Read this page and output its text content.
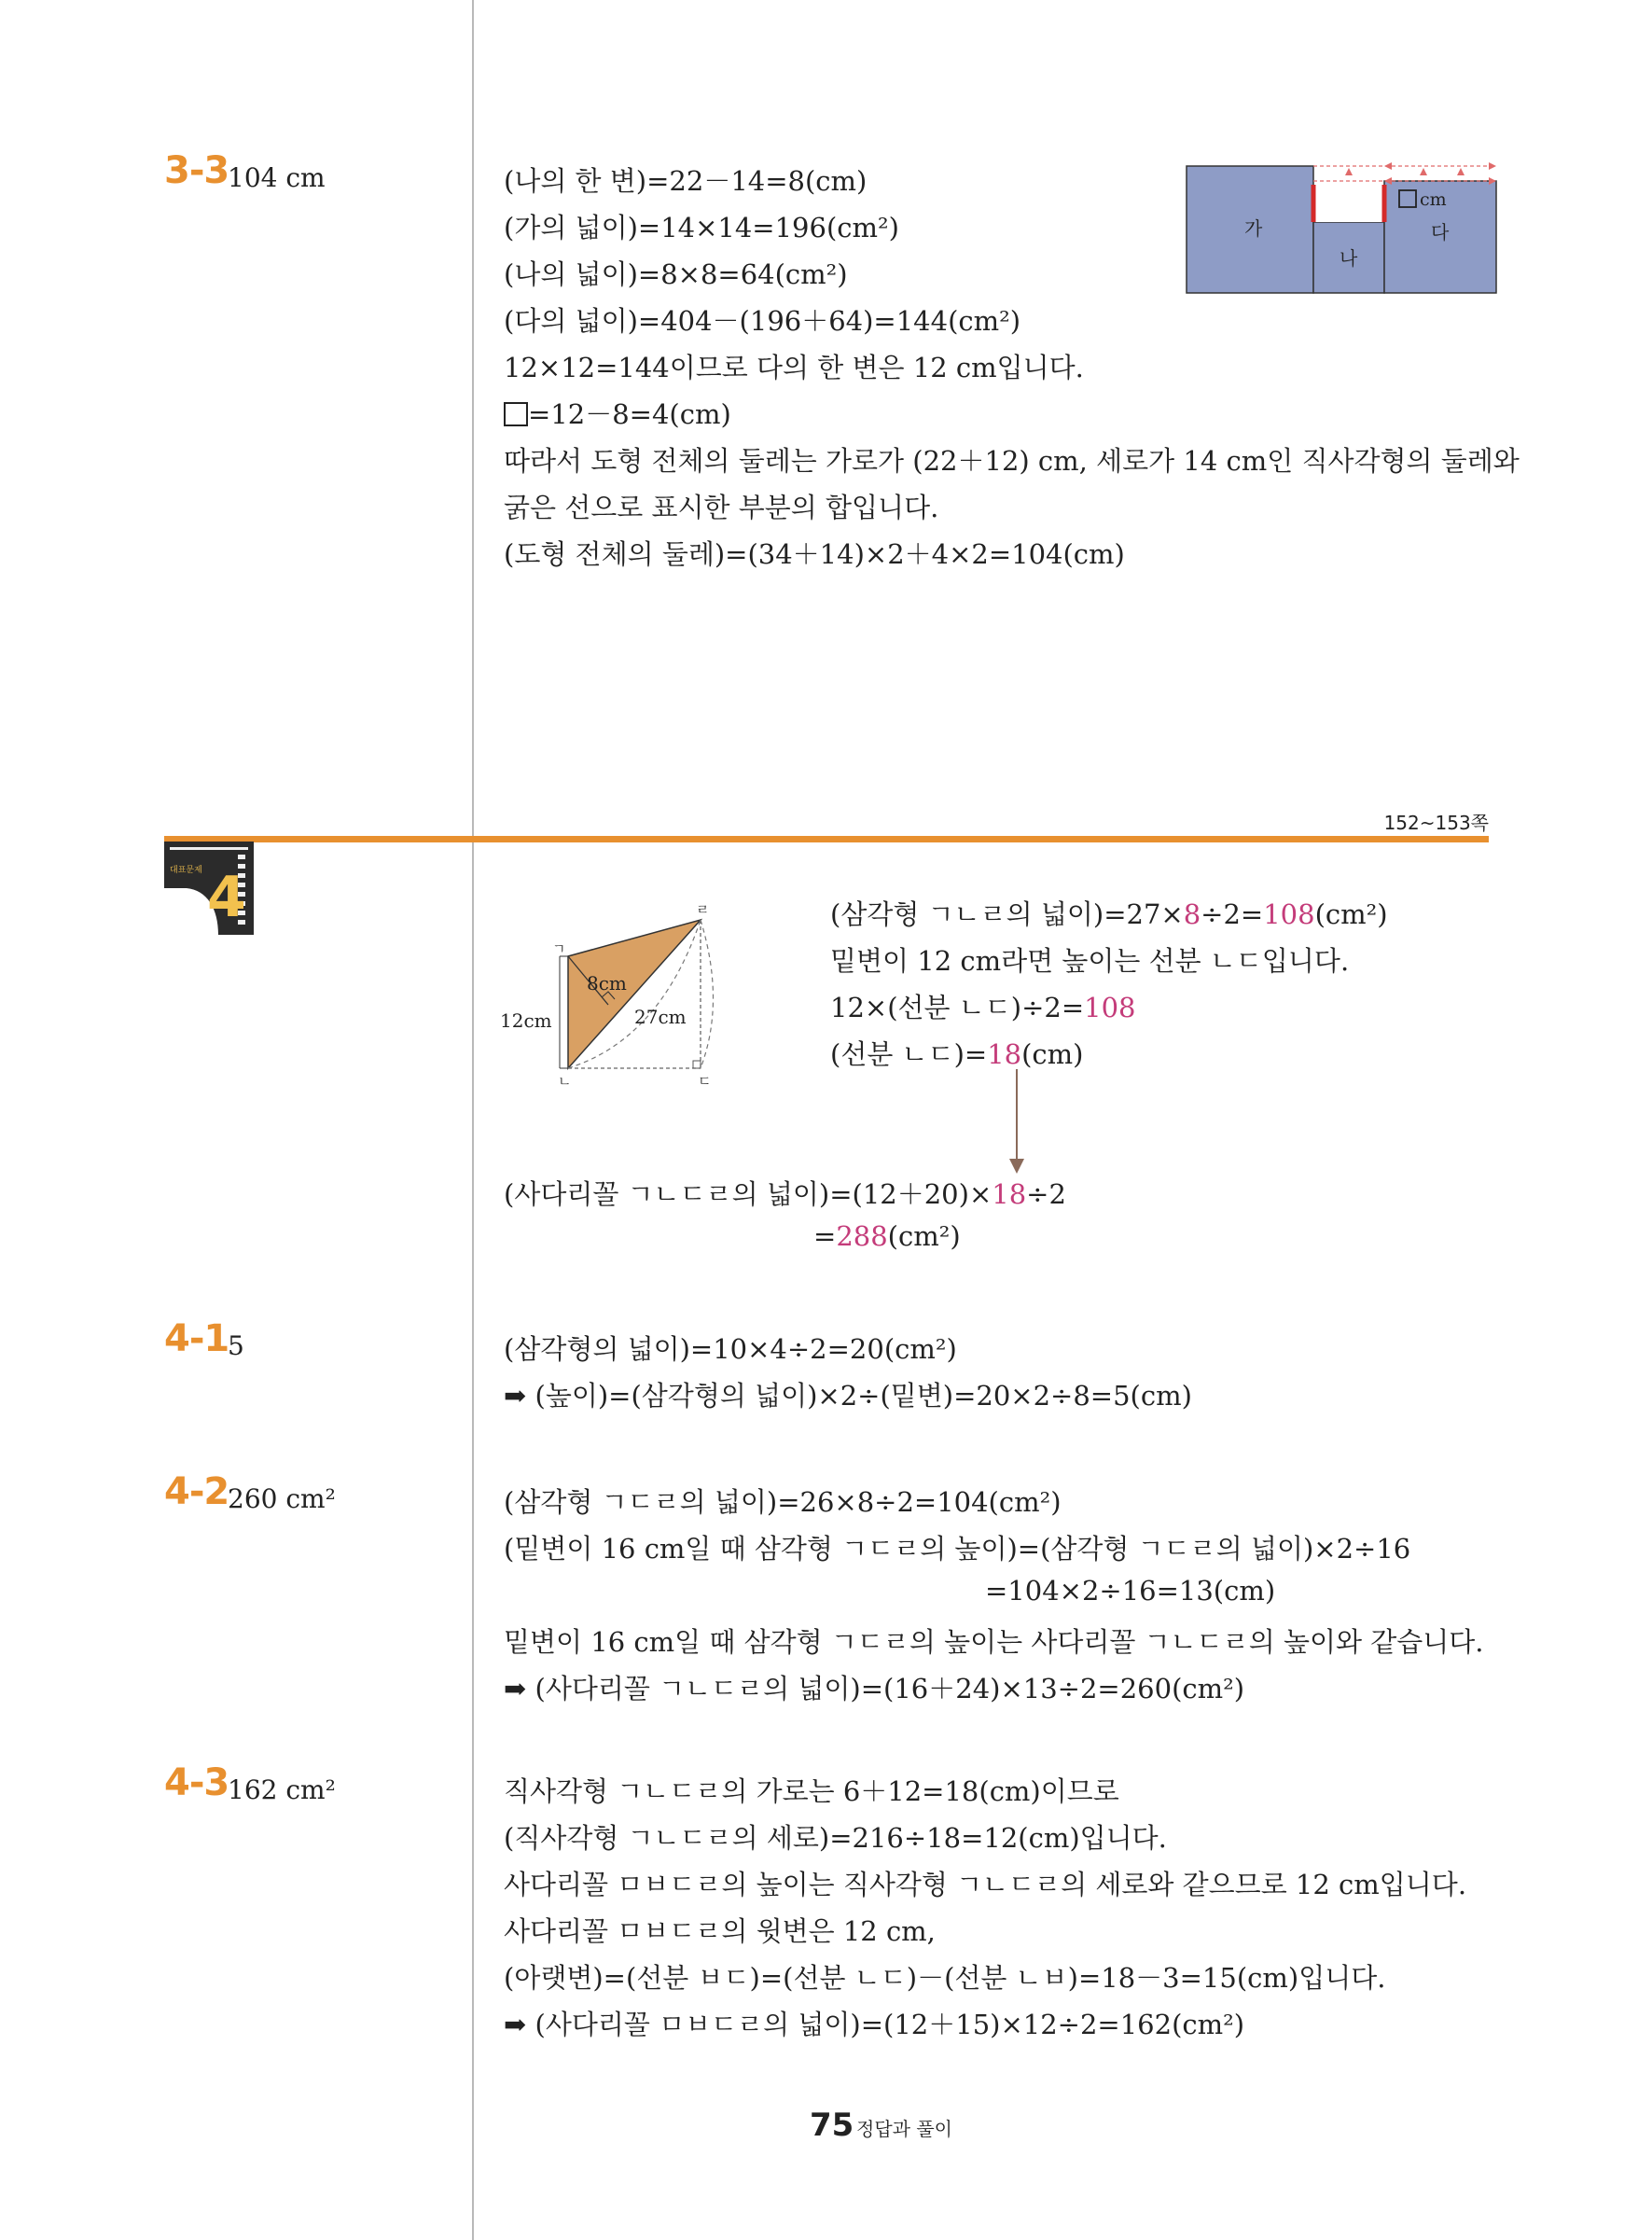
152~153쪽
3-3
104 cm	(나의 한 변)=22－14=8(cm)
(가의 넓이)=14×14=196(cm²)
(나의 넓이)=8×8=64(cm²)
(다의 넓이)=404－(196＋64)=144(cm²)
12×12=144이므로 다의 한 변은 12 cm입니다.
=12－8=4(cm)
따라서 도형 전체의 둘레는 가로가 (22＋12) cm, 세로가 14 cm인 직사각형의 둘레와
굵은 선으로 표시한 부분의 합입니다.
(도형 전체의 둘레)=(34＋14)×2＋4×2=104(cm)
cm
가
나
다
대표문제 4
ㄱ
ㄴ	ㄷ
ㄹ
8cm
27cm
12cm
(삼각형 ㄱㄴㄹ의 넓이)=27×8÷2=108(cm²)
밑변이 12 cm라면 높이는 선분 ㄴㄷ입니다.
12×(선분 ㄴㄷ)÷2=108
(선분 ㄴㄷ)=18(cm)
(사다리꼴 ㄱㄴㄷㄹ의 넓이)=(12＋20)×18÷2
=288(cm²)
4-1
5	(삼각형의 넓이)=10×4÷2=20(cm²)
➡ (높이)=(삼각형의 넓이)×2÷(밑변)=20×2÷8=5(cm)
4-2
260 cm²	(삼각형 ㄱㄷㄹ의 넓이)=26×8÷2=104(cm²)
(밑변이 16 cm일 때 삼각형 ㄱㄷㄹ의 높이)=(삼각형 ㄱㄷㄹ의 넓이)×2÷16
=104×2÷16=13(cm)
밑변이 16 cm일 때 삼각형 ㄱㄷㄹ의 높이는 사다리꼴 ㄱㄴㄷㄹ의 높이와 같습니다.
➡ (사다리꼴 ㄱㄴㄷㄹ의 넓이)=(16＋24)×13÷2=260(cm²)
4-3
162 cm²	직사각형 ㄱㄴㄷㄹ의 가로는 6＋12=18(cm)이므로
(직사각형 ㄱㄴㄷㄹ의 세로)=216÷18=12(cm)입니다.
사다리꼴 ㅁㅂㄷㄹ의 높이는 직사각형 ㄱㄴㄷㄹ의 세로와 같으므로 12 cm입니다.
사다리꼴 ㅁㅂㄷㄹ의 윗변은 12 cm,
(아랫변)=(선분 ㅂㄷ)=(선분 ㄴㄷ)－(선분 ㄴㅂ)=18－3=15(cm)입니다.
➡ (사다리꼴 ㅁㅂㄷㄹ의 넓이)=(12＋15)×12÷2=162(cm²)
75 정답과 풀이
